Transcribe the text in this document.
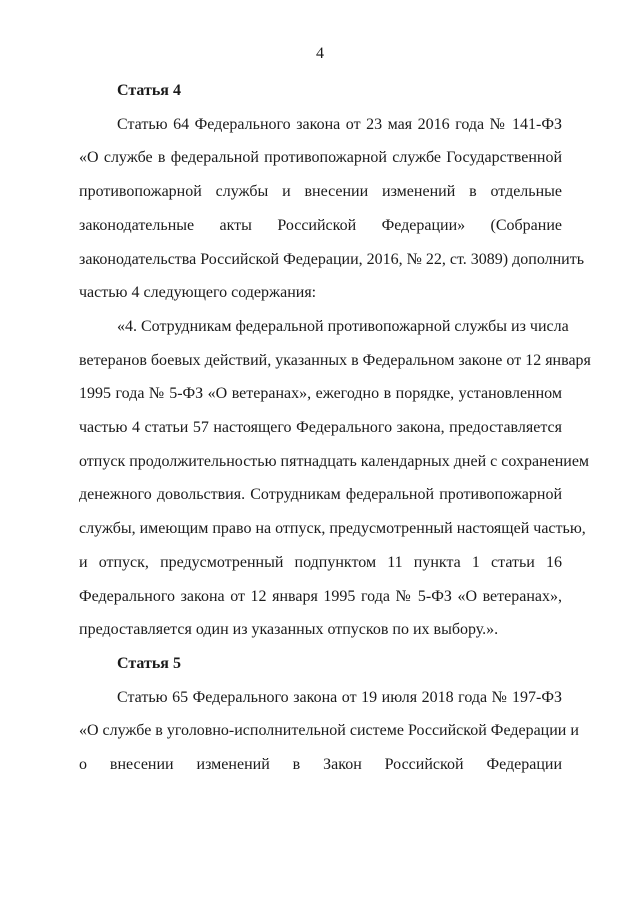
4
Статья 4
Статью 64 Федерального закона от 23 мая 2016 года № 141-ФЗ
«О службе в федеральной противопожарной службе Государственной
противопожарной службы и внесении изменений в отдельные
законодательные акты Российской Федерации» (Собрание
законодательства Российской Федерации, 2016, № 22, ст. 3089) дополнить
частью 4 следующего содержания:
«4. Сотрудникам федеральной противопожарной службы из числа
ветеранов боевых действий, указанных в Федеральном законе от 12 января
1995 года № 5-ФЗ «О ветеранах», ежегодно в порядке, установленном
частью 4 статьи 57 настоящего Федерального закона, предоставляется
отпуск продолжительностью пятнадцать календарных дней с сохранением
денежного довольствия. Сотрудникам федеральной противопожарной
службы, имеющим право на отпуск, предусмотренный настоящей частью,
и отпуск, предусмотренный подпунктом 11 пункта 1 статьи 16
Федерального закона от 12 января 1995 года № 5-ФЗ «О ветеранах»,
предоставляется один из указанных отпусков по их выбору.».
Статья 5
Статью 65 Федерального закона от 19 июля 2018 года № 197-ФЗ
«О службе в уголовно-исполнительной системе Российской Федерации и
о внесении изменений в Закон Российской Федерации
